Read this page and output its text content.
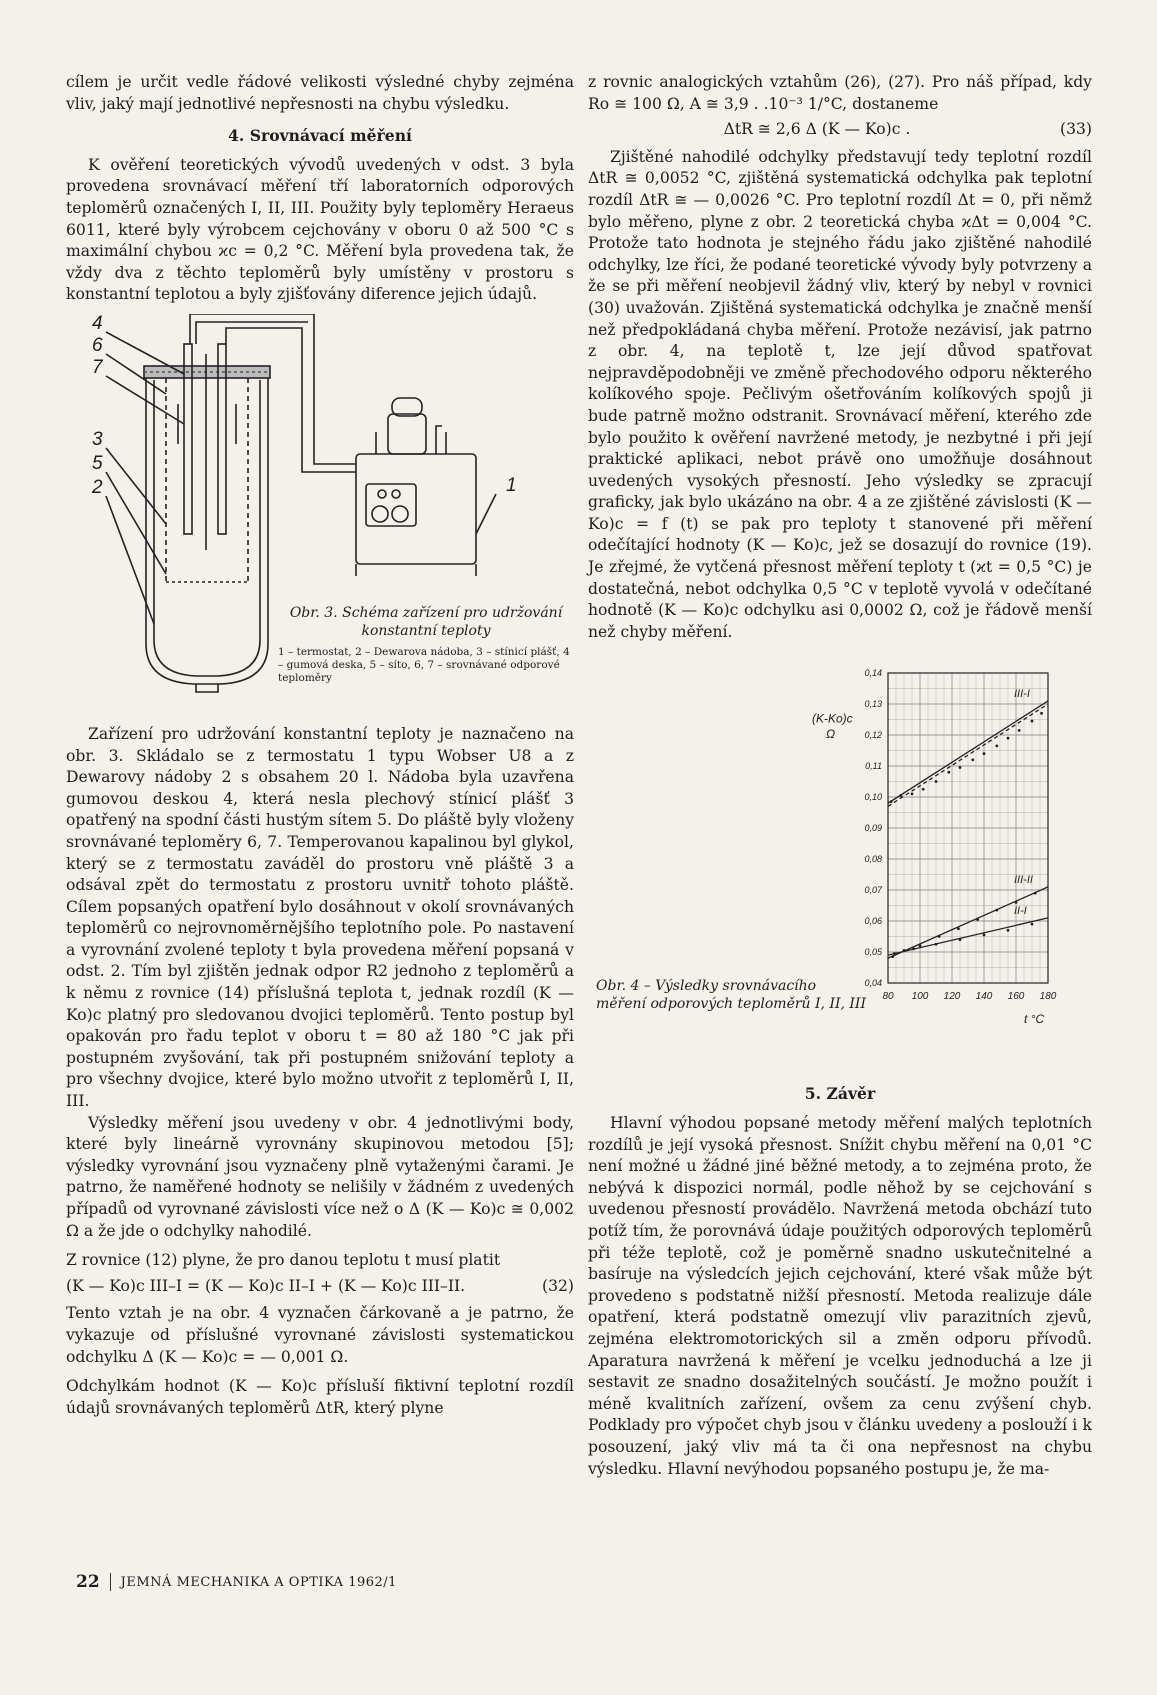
cílem je určit vedle řádové velikosti výsledné chyby zejména vliv, jaký mají jednotlivé nepřesnosti na chybu výsledku.

4. Srovnávací měření

K ověření teoretických vývodů uvedených v odst. 3 byla provedena srovnávací měření tří laboratorních odporových teploměrů označených I, II, III. Použity byly teploměry Heraeus 6011, které byly výrobcem cejchovány v oboru 0 až 500 °C s maximální chybou ϰc = 0,2 °C. Měření byla provedena tak, že vždy dva z těchto teploměrů byly umístěny v prostoru s konstantní teplotou a byly zjišťovány diference jejich údajů.

4
6
7
3
5
2	1
Obr. 3. Schéma zařízení pro udržování konstantní teploty
1 – termostat, 2 – Dewarova nádoba, 3 – stínicí plášť, 4 – gumová deska, 5 – síto, 6, 7 – srovnávané odporové teploměry

Zařízení pro udržování konstantní teploty je naznačeno na obr. 3. Skládalo se z termostatu 1 typu Wobser U8 a z Dewarovy nádoby 2 s obsahem 20 l. Nádoba byla uzavřena gumovou deskou 4, která nesla plechový stínicí plášť 3 opatřený na spodní části hustým sítem 5. Do pláště byly vloženy srovnávané teploměry 6, 7. Temperovanou kapalinou byl glykol, který se z termostatu zaváděl do prostoru vně pláště 3 a odsával zpět do termostatu z prostoru uvnitř tohoto pláště. Cílem popsaných opatření bylo dosáhnout v okolí srovnávaných teploměrů co nejrovnoměrnějšího teplotního pole. Po nastavení a vyrovnání zvolené teploty t byla provedena měření popsaná v odst. 2. Tím byl zjištěn jednak odpor R2 jednoho z teploměrů a k němu z rovnice (14) příslušná teplota t, jednak rozdíl (K — Ko)c platný pro sledovanou dvojici teploměrů. Tento postup byl opakován pro řadu teplot v oboru t = 80 až 180 °C jak při postupném zvyšování, tak při postupném snižování teploty a pro všechny dvojice, které bylo možno utvořit z teploměrů I, II, III.

Výsledky měření jsou uvedeny v obr. 4 jednotlivými body, které byly lineárně vyrovnány skupinovou metodou [5]; výsledky vyrovnání jsou vyznačeny plně vytaženými čarami. Je patrno, že naměřené hodnoty se nelišily v žádném z uvedených případů od vyrovnané závislosti více než o Δ (K — Ko)c ≅ 0,002 Ω a že jde o odchylky nahodilé.

Z rovnice (12) plyne, že pro danou teplotu t musí platit

(K — Ko)c III–I = (K — Ko)c II–I + (K — Ko)c III–II.	(32)

Tento vztah je na obr. 4 vyznačen čárkovaně a je patrno, že vykazuje od příslušné vyrovnané závislosti systematickou odchylku Δ (K — Ko)c = — 0,001 Ω.

Odchylkám hodnot (K — Ko)c přísluší fiktivní teplotní rozdíl údajů srovnávaných teploměrů ΔtR, který plyne

z rovnic analogických vztahům (26), (27). Pro náš případ, kdy Ro ≅ 100 Ω, A ≅ 3,9 . .10⁻³ 1/°C, dostaneme

ΔtR ≅ 2,6 Δ (K — Ko)c .	(33)

Zjištěné nahodilé odchylky představují tedy teplotní rozdíl ΔtR ≅ 0,0052 °C, zjištěná systematická odchylka pak teplotní rozdíl ΔtR ≅ — 0,0026 °C. Pro teplotní rozdíl Δt = 0, při němž bylo měřeno, plyne z obr. 2 teoretická chyba ϰΔt = 0,004 °C. Protože tato hodnota je stejného řádu jako zjištěné nahodilé odchylky, lze říci, že podané teoretické vývody byly potvrzeny a že se při měření neobjevil žádný vliv, který by nebyl v rovnici (30) uvažován. Zjištěná systematická odchylka je značně menší než předpokládaná chyba měření. Protože nezávisí, jak patrno z obr. 4, na teplotě t, lze její důvod spatřovat nejpravděpodobněji ve změně přechodového odporu některého kolíkového spoje. Pečlivým ošetřováním kolíkových spojů ji bude patrně možno odstranit. Srovnávací měření, kterého zde bylo použito k ověření navržené metody, je nezbytné i při její praktické aplikaci, nebot právě ono umožňuje dosáhnout uvedených vysokých přesností. Jeho výsledky se zpracují graficky, jak bylo ukázáno na obr. 4 a ze zjištěné závislosti (K — Ko)c = f (t) se pak pro teploty t stanovené při měření odečítající hodnoty (K — Ko)c, jež se dosazují do rovnice (19). Je zřejmé, že vytčená přesnost měření teploty t (ϰt = 0,5 °C) je dostatečná, nebot odchylka 0,5 °C v teplotě vyvolá v odečítané hodnotě (K — Ko)c odchylku asi 0,0002 Ω, což je řádově menší než chyby měření.

0,04
0,05
0,06
0,07
0,08
0,09
0,10
0,11
0,12
0,13
0,14
80 100 120 140 160 180
(K-Ko)c
Ω
t °C
III-I
III-II
II-I
Obr. 4 – Výsledky srovnávacího měření odporových teploměrů I, II, III
5. Závěr

Hlavní výhodou popsané metody měření malých teplotních rozdílů je její vysoká přesnost. Snížit chybu měření na 0,01 °C není možné u žádné jiné běžné metody, a to zejména proto, že nebývá k dispozici normál, podle něhož by se cejchování s uvedenou přesností provádělo. Navržená metoda obchází tuto potíž tím, že porovnává údaje použitých odporových teploměrů při téže teplotě, což je poměrně snadno uskutečnitelné a basíruje na výsledcích jejich cejchování, které však může být provedeno s podstatně nižší přesností. Metoda realizuje dále opatření, která podstatně omezují vliv parazitních zjevů, zejména elektromotorických sil a změn odporu přívodů. Aparatura navržená k měření je vcelku jednoduchá a lze ji sestavit ze snadno dosažitelných součástí. Je možno použít i méně kvalitních zařízení, ovšem za cenu zvýšení chyb. Podklady pro výpočet chyb jsou v článku uvedeny a poslouží i k posouzení, jaký vliv má ta či ona nepřesnost na chybu výsledku. Hlavní nevýhodou popsaného postupu je, že ma-

22 JEMNÁ MECHANIKA A OPTIKA 1962/1
